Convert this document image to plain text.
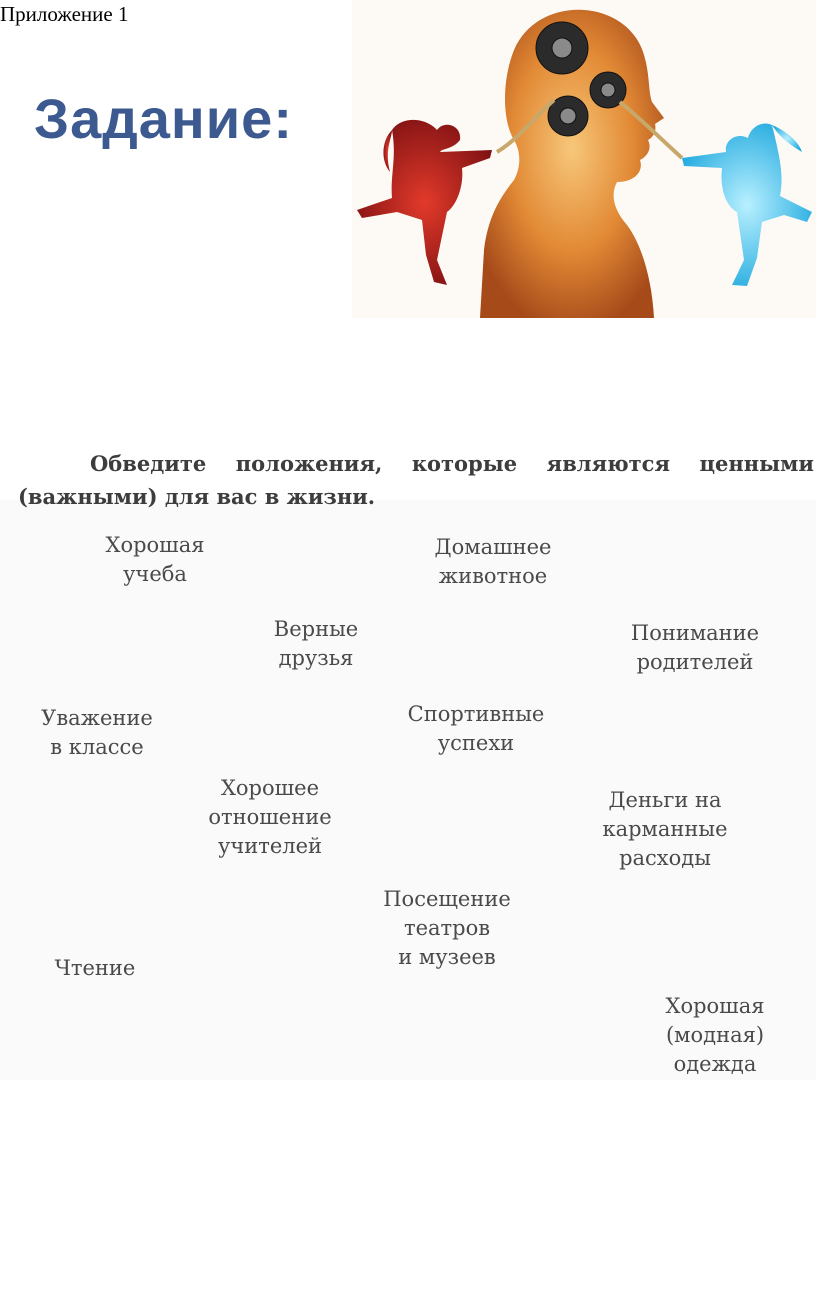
Приложение 1
Задание:
Обведите положения, которые являются ценными (важными) для вас в жизни.
Хорошая
учеба
Домашнее
животное
Верные
друзья
Понимание
родителей
Уважение
в классе
Спортивные
успехи
Хорошее
отношение
учителей
Деньги на
карманные
расходы
Посещение
театров
и музеев
Чтение
Хорошая
(модная)
одежда
